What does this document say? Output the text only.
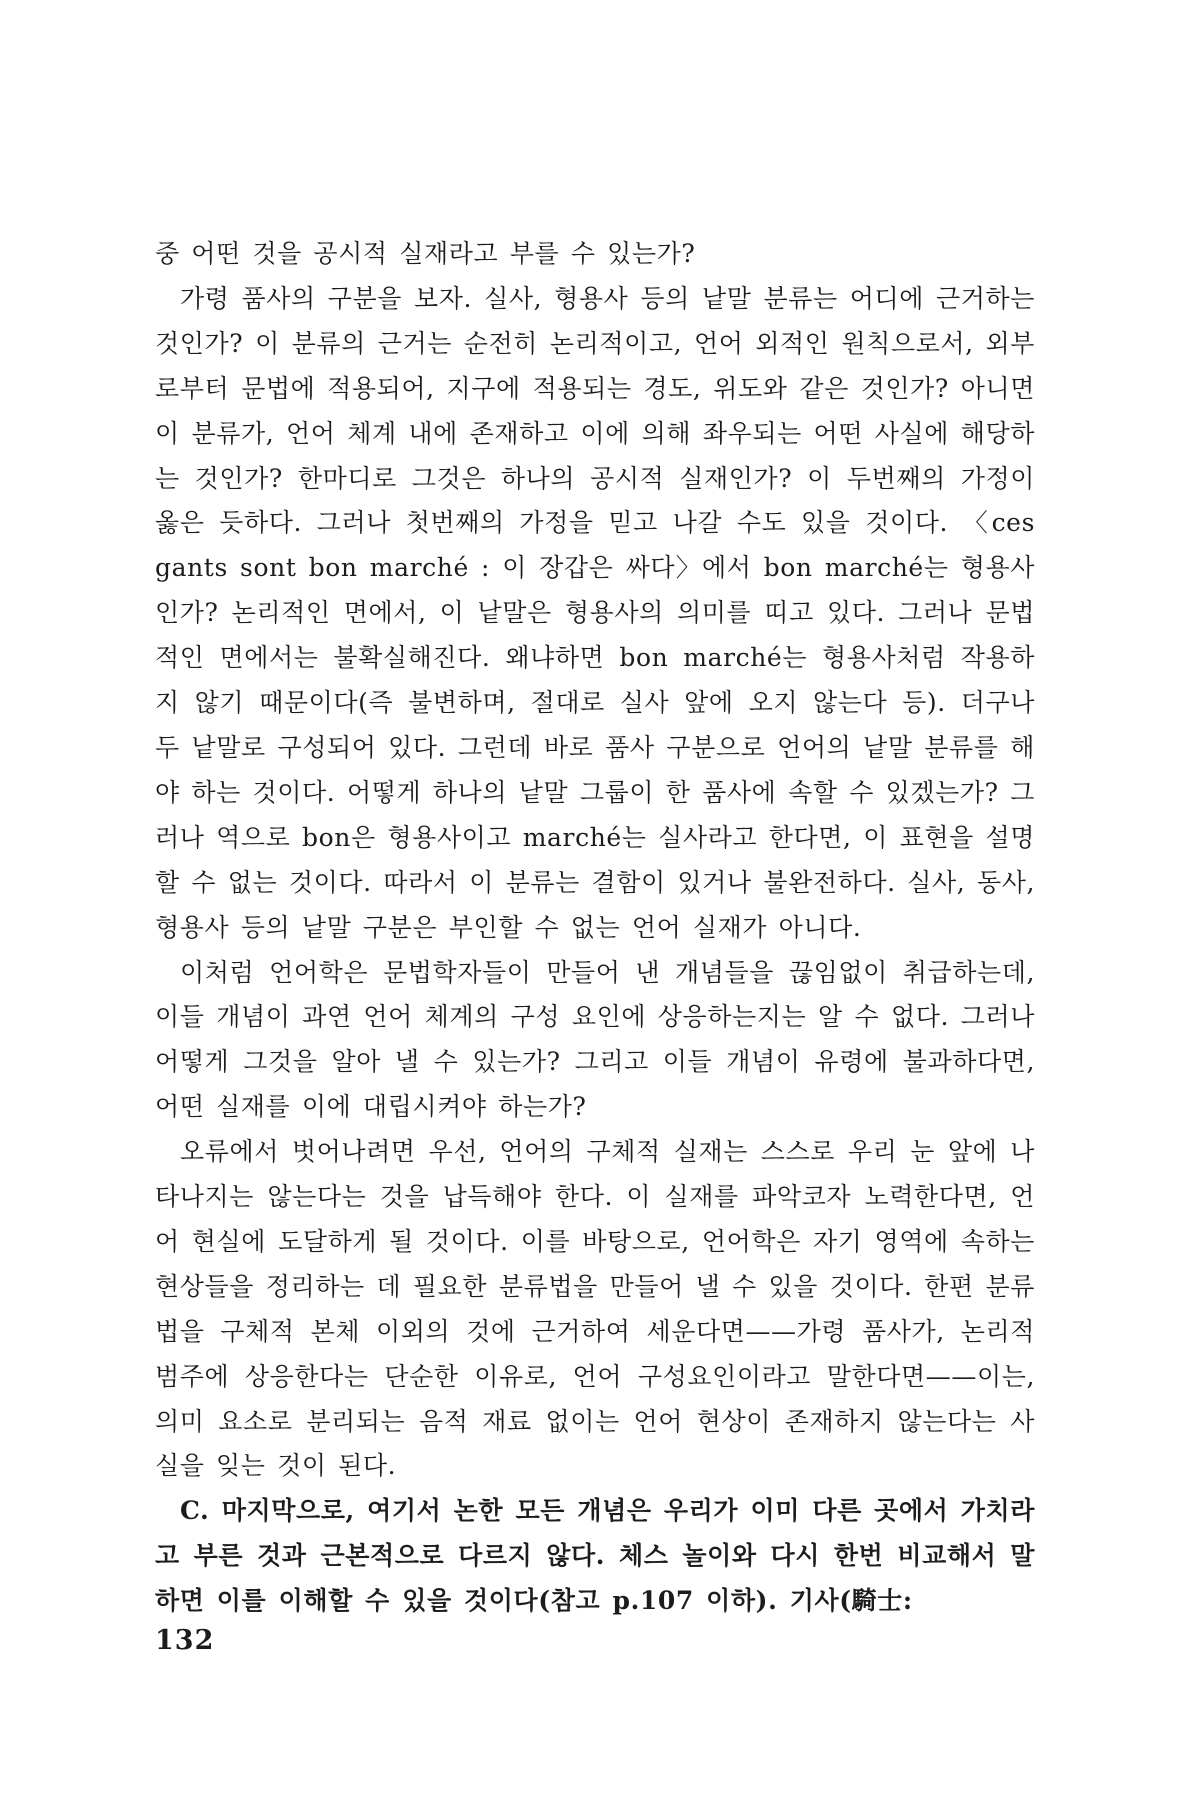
중 어떤 것을 공시적 실재라고 부를 수 있는가?

가령 품사의 구분을 보자. 실사, 형용사 등의 낱말 분류는 어디에 근거하는 것인가? 이 분류의 근거는 순전히 논리적이고, 언어 외적인 원칙으로서, 외부로부터 문법에 적용되어, 지구에 적용되는 경도, 위도와 같은 것인가? 아니면 이 분류가, 언어 체계 내에 존재하고 이에 의해 좌우되는 어떤 사실에 해당하는 것인가? 한마디로 그것은 하나의 공시적 실재인가? 이 두번째의 가정이 옳은 듯하다. 그러나 첫번째의 가정을 믿고 나갈 수도 있을 것이다. 〈ces gants sont bon marché : 이 장갑은 싸다〉에서 bon marché는 형용사인가? 논리적인 면에서, 이 낱말은 형용사의 의미를 띠고 있다. 그러나 문법적인 면에서는 불확실해진다. 왜냐하면 bon marché는 형용사처럼 작용하지 않기 때문이다(즉 불변하며, 절대로 실사 앞에 오지 않는다 등). 더구나 두 낱말로 구성되어 있다. 그런데 바로 품사 구분으로 언어의 낱말 분류를 해야 하는 것이다. 어떻게 하나의 낱말 그룹이 한 품사에 속할 수 있겠는가? 그러나 역으로 bon은 형용사이고 marché는 실사라고 한다면, 이 표현을 설명할 수 없는 것이다. 따라서 이 분류는 결함이 있거나 불완전하다. 실사, 동사, 형용사 등의 낱말 구분은 부인할 수 없는 언어 실재가 아니다.

이처럼 언어학은 문법학자들이 만들어 낸 개념들을 끊임없이 취급하는데, 이들 개념이 과연 언어 체계의 구성 요인에 상응하는지는 알 수 없다. 그러나 어떻게 그것을 알아 낼 수 있는가? 그리고 이들 개념이 유령에 불과하다면, 어떤 실재를 이에 대립시켜야 하는가?

오류에서 벗어나려면 우선, 언어의 구체적 실재는 스스로 우리 눈 앞에 나타나지는 않는다는 것을 납득해야 한다. 이 실재를 파악코자 노력한다면, 언어 현실에 도달하게 될 것이다. 이를 바탕으로, 언어학은 자기 영역에 속하는 현상들을 정리하는 데 필요한 분류법을 만들어 낼 수 있을 것이다. 한편 분류법을 구체적 본체 이외의 것에 근거하여 세운다면——가령 품사가, 논리적 범주에 상응한다는 단순한 이유로, 언어 구성요인이라고 말한다면——이는, 의미 요소로 분리되는 음적 재료 없이는 언어 현상이 존재하지 않는다는 사실을 잊는 것이 된다.

C. 마지막으로, 여기서 논한 모든 개념은 우리가 이미 다른 곳에서 가치라고 부른 것과 근본적으로 다르지 않다. 체스 놀이와 다시 한번 비교해서 말하면 이를 이해할 수 있을 것이다(참고 p.107 이하). 기사(騎士:

132
